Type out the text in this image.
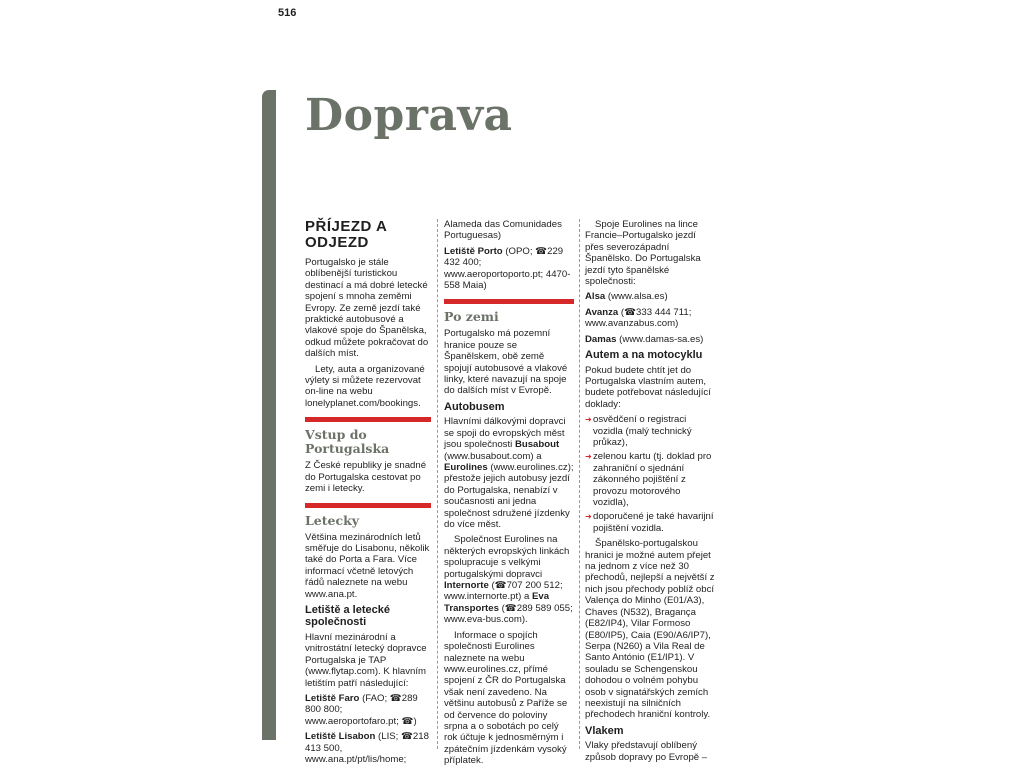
516
Doprava
PŘÍJEZD A ODJEZD

Portugalsko je stále oblíbenější turistickou destinací a má dobré letecké spojení s mnoha zeměmi Evropy. Ze země jezdí také praktické autobusové a vlakové spoje do Španělska, odkud můžete pokračovat do dalších míst.

Lety, auta a organizované výlety si můžete rezervovat on-line na webu lonelyplanet.com/bookings.

Vstup do Portugalska

Z České republiky je snadné do Portugalska cestovat po zemi i letecky.

Letecky

Většina mezinárodních letů směřuje do Lisabonu, několik také do Porta a Fara. Více informací včetně letových řádů naleznete na webu www.ana.pt.

Letiště a letecké společnosti

Hlavní mezinárodní a vnitrostátní letecký dopravce Portugalska je TAP (www.flytap.com). K hlavním letištím patří následující:

Letiště Faro (FAO; ☎289 800 800; www.aeroportofaro.pt; ☎)

Letiště Lisabon (LIS; ☎218 413 500, www.ana.pt/pt/lis/home;

Alameda das Comunidades Portuguesas)

Letiště Porto (OPO; ☎229 432 400; www.aeroportoporto.pt; 4470-558 Maia)

Po zemi

Portugalsko má pozemní hranice pouze se Španělskem, obě země spojují autobusové a vlakové linky, které navazují na spoje do dalších míst v Evropě.

Autobusem

Hlavními dálkovými dopravci se spoji do evropských měst jsou společnosti Busabout (www.busabout.com) a Eurolines (www.eurolines.cz); přestože jejich autobusy jezdí do Portugalska, nenabízí v současnosti ani jedna společnost sdružené jízdenky do více měst.

Společnost Eurolines na některých evropských linkách spolupracuje s velkými portugalskými dopravci Internorte (☎707 200 512; www.internorte.pt) a Eva Transportes (☎289 589 055; www.eva-bus.com).

Informace o spojích společnosti Eurolines naleznete na webu www.eurolines.cz, přímé spojení z ČR do Portugalska však není zavedeno. Na většinu autobusů z Paříže se od července do poloviny srpna a o sobotách po celý rok účtuje k jednosměrným i zpátečním jízdenkám vysoký příplatek.

Spoje Eurolines na lince Francie–Portugalsko jezdí přes severozápadní Španělsko. Do Portugalska jezdí tyto španělské společnosti:

Alsa (www.alsa.es)

Avanza (☎333 444 711; www.avanzabus.com)

Damas (www.damas-sa.es)

Autem a na motocyklu

Pokud budete chtít jet do Portugalska vlastním autem, budete potřebovat následující doklady:

➜ osvědčení o registraci vozidla (malý technický průkaz),
➜ zelenou kartu (tj. doklad pro zahraniční o sjednání zákonného pojištění z provozu motorového vozidla),
➜ doporučené je také havarijní pojištění vozidla.

Španělsko-portugalskou hranici je možné autem přejet na jednom z více než 30 přechodů, nejlepší a největší z nich jsou přechody poblíž obcí Valença do Minho (E01/A3), Chaves (N532), Bragança (E82/IP4), Vilar Formoso (E80/IP5), Caia (E90/A6/IP7), Serpa (N260) a Vila Real de Santo António (E1/IP1). V souladu se Schengenskou dohodou o volném pohybu osob v signatářských zemích neexistují na silničních přechodech hraniční kontroly.

Vlakem

Vlaky představují oblíbený způsob dopravy po Evropě –
